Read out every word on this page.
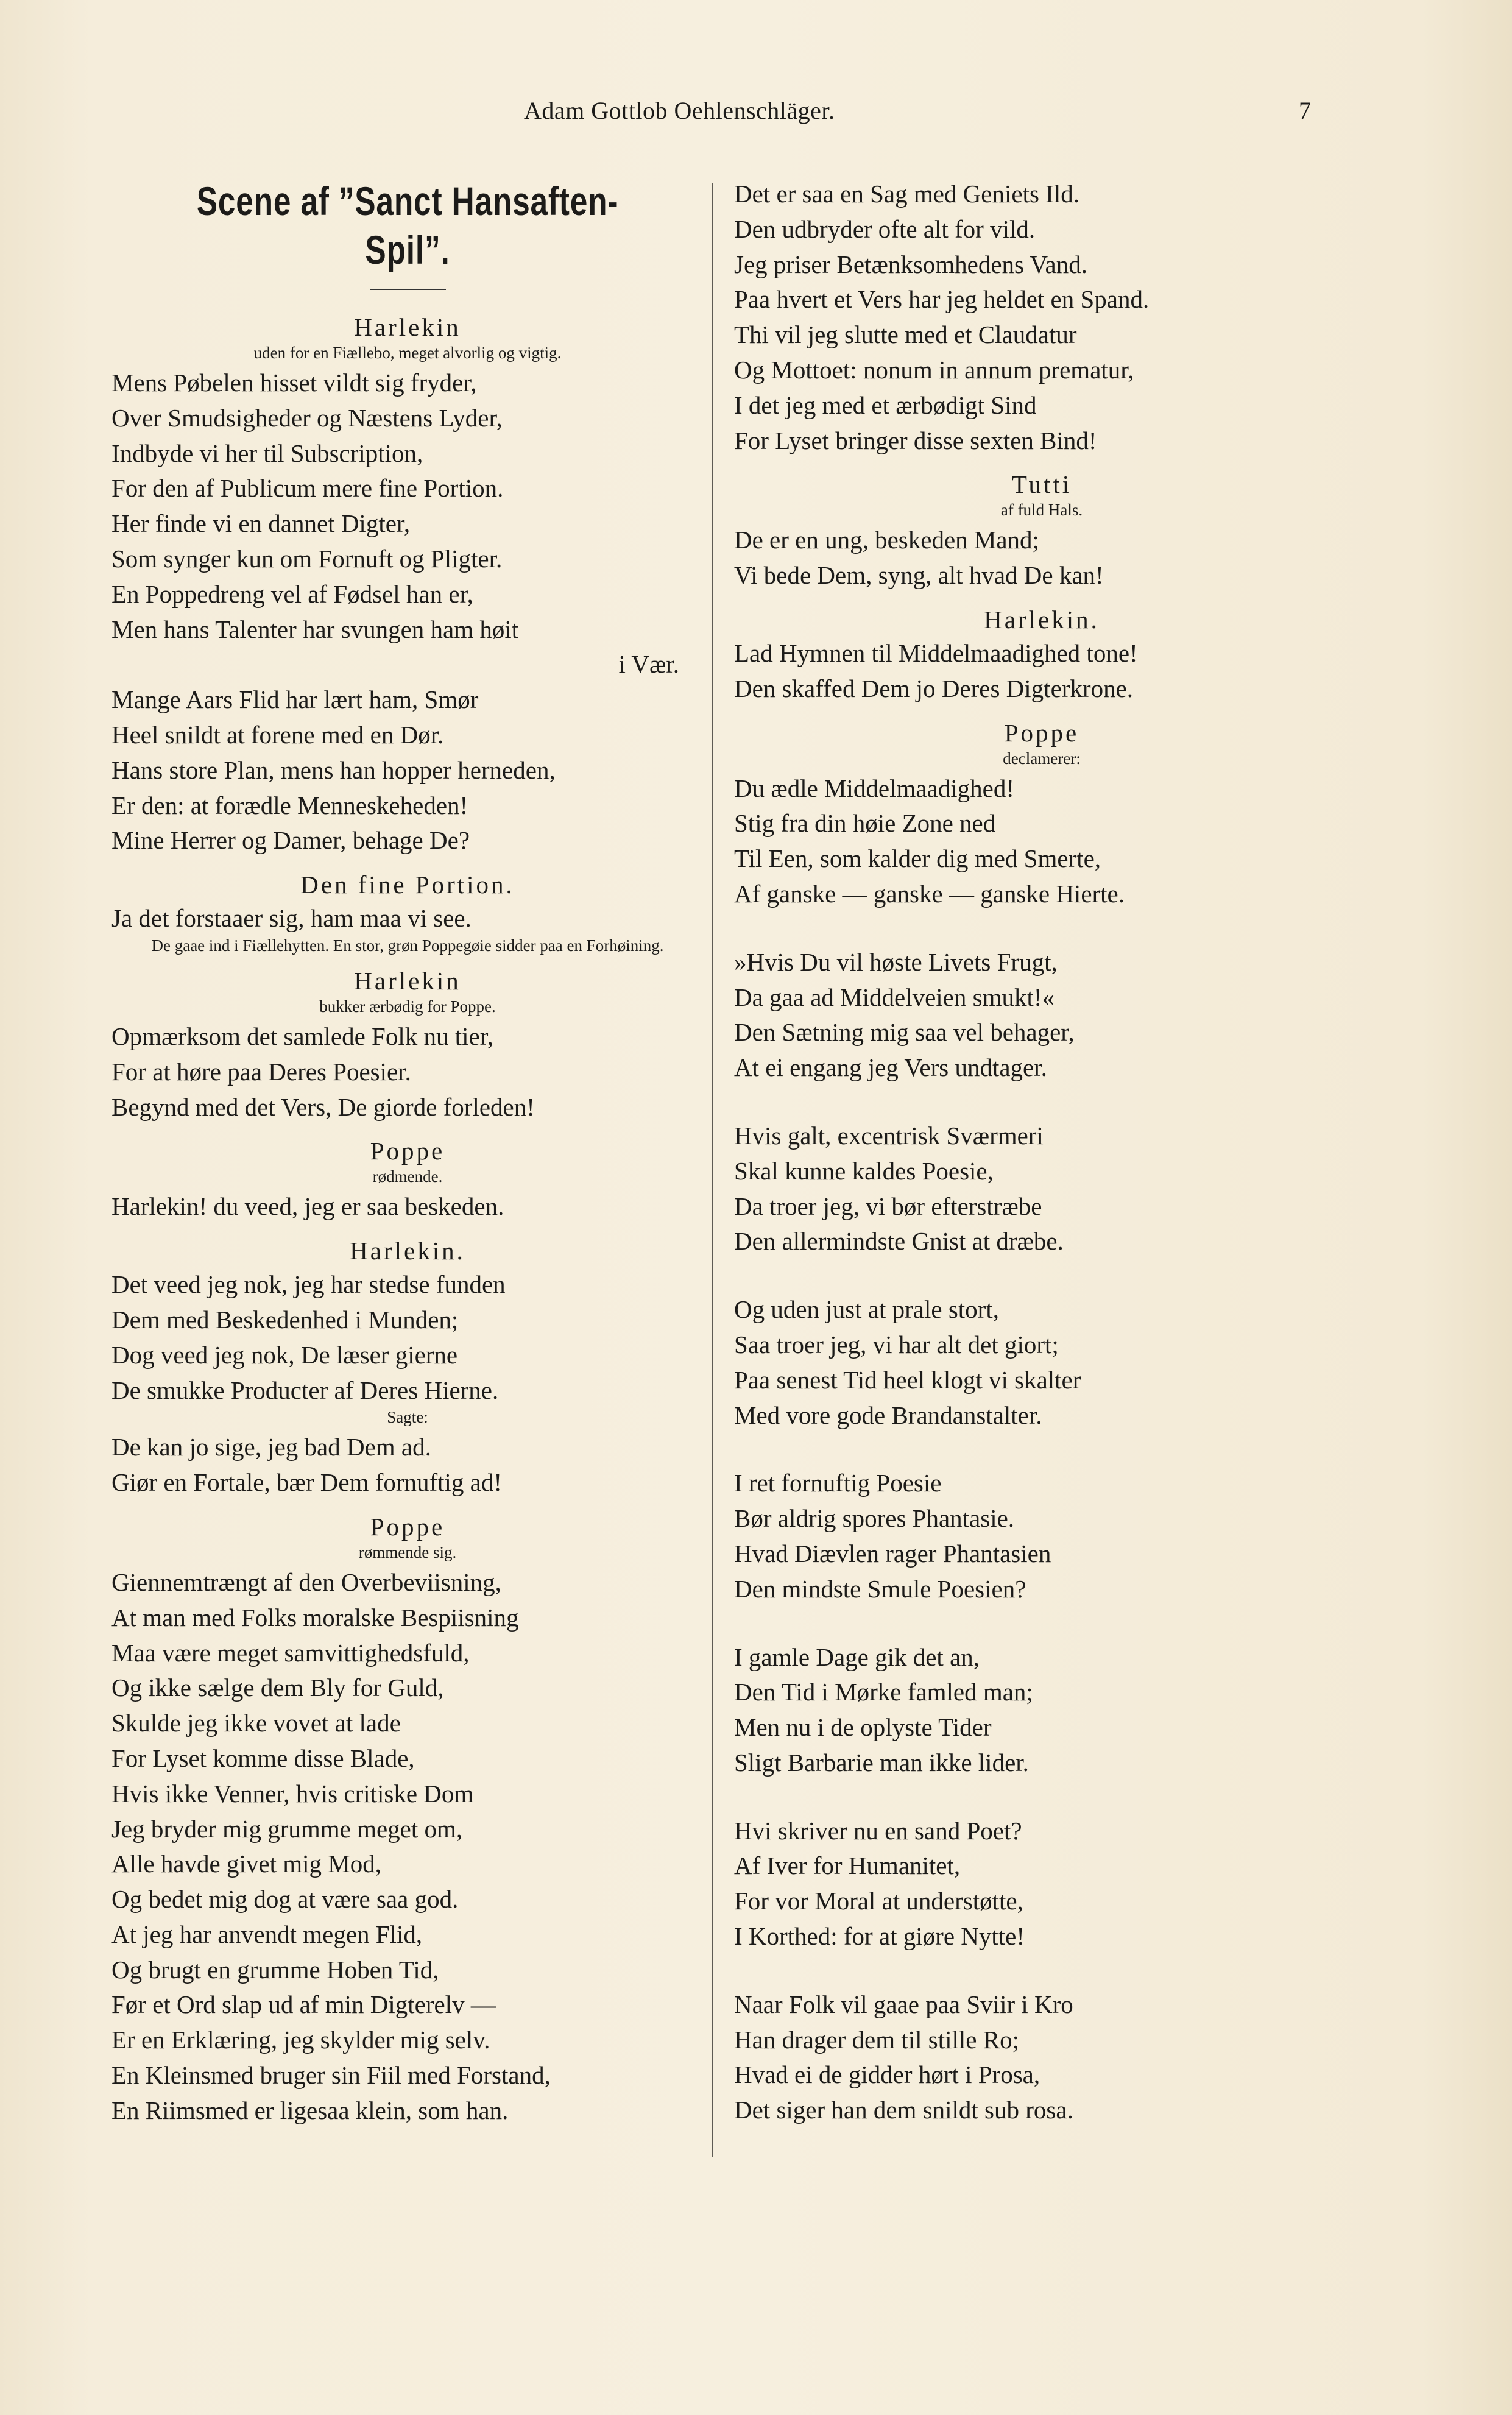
Adam Gottlob Oehlenschläger.	7
Scene af ”Sanct Hansaften-Spil”.
Harlekin
uden for en Fiællebo, meget alvorlig og vigtig.
Mens Pøbelen hisset vildt sig fryder,
Over Smudsigheder og Næstens Lyder,
Indbyde vi her til Subscription,
For den af Publicum mere fine Portion.
Her finde vi en dannet Digter,
Som synger kun om Fornuft og Pligter.
En Poppedreng vel af Fødsel han er,
Men hans Talenter har svungen ham høit
i Vær.
Mange Aars Flid har lært ham, Smør
Heel snildt at forene med en Dør.
Hans store Plan, mens han hopper herneden,
Er den: at forædle Menneskeheden!
Mine Herrer og Damer, behage De?
Den fine Portion.
Ja det forstaaer sig, ham maa vi see.
De gaae ind i Fiællehytten. En stor, grøn Poppegøie sidder paa en Forhøining.
Harlekin
bukker ærbødig for Poppe.
Opmærksom det samlede Folk nu tier,
For at høre paa Deres Poesier.
Begynd med det Vers, De giorde forleden!
Poppe
rødmende.
Harlekin! du veed, jeg er saa beskeden.
Harlekin.
Det veed jeg nok, jeg har stedse funden
Dem med Beskedenhed i Munden;
Dog veed jeg nok, De læser gierne
De smukke Producter af Deres Hierne.
Sagte:
De kan jo sige, jeg bad Dem ad.
Giør en Fortale, bær Dem fornuftig ad!
Poppe
rømmende sig.
Giennemtrængt af den Overbeviisning,
At man med Folks moralske Bespiisning
Maa være meget samvittighedsfuld,
Og ikke sælge dem Bly for Guld,
Skulde jeg ikke vovet at lade
For Lyset komme disse Blade,
Hvis ikke Venner, hvis critiske Dom
Jeg bryder mig grumme meget om,
Alle havde givet mig Mod,
Og bedet mig dog at være saa god.
At jeg har anvendt megen Flid,
Og brugt en grumme Hoben Tid,
Før et Ord slap ud af min Digterelv —
Er en Erklæring, jeg skylder mig selv.
En Kleinsmed bruger sin Fiil med Forstand,
En Riimsmed er ligesaa klein, som han.
Det er saa en Sag med Geniets Ild.
Den udbryder ofte alt for vild.
Jeg priser Betænksomhedens Vand.
Paa hvert et Vers har jeg heldet en Spand.
Thi vil jeg slutte med et Claudatur
Og Mottoet: nonum in annum prematur,
I det jeg med et ærbødigt Sind
For Lyset bringer disse sexten Bind!
Tutti
af fuld Hals.
De er en ung, beskeden Mand;
Vi bede Dem, syng, alt hvad De kan!
Harlekin.
Lad Hymnen til Middelmaadighed tone!
Den skaffed Dem jo Deres Digterkrone.
Poppe
declamerer:
Du ædle Middelmaadighed!
Stig fra din høie Zone ned
Til Een, som kalder dig med Smerte,
Af ganske — ganske — ganske Hierte.
»Hvis Du vil høste Livets Frugt,
Da gaa ad Middelveien smukt!«
Den Sætning mig saa vel behager,
At ei engang jeg Vers undtager.
Hvis galt, excentrisk Sværmeri
Skal kunne kaldes Poesie,
Da troer jeg, vi bør efterstræbe
Den allermindste Gnist at dræbe.
Og uden just at prale stort,
Saa troer jeg, vi har alt det giort;
Paa senest Tid heel klogt vi skalter
Med vore gode Brandanstalter.
I ret fornuftig Poesie
Bør aldrig spores Phantasie.
Hvad Diævlen rager Phantasien
Den mindste Smule Poesien?
I gamle Dage gik det an,
Den Tid i Mørke famled man;
Men nu i de oplyste Tider
Sligt Barbarie man ikke lider.
Hvi skriver nu en sand Poet?
Af Iver for Humanitet,
For vor Moral at understøtte,
I Korthed: for at giøre Nytte!
Naar Folk vil gaae paa Sviir i Kro
Han drager dem til stille Ro;
Hvad ei de gidder hørt i Prosa,
Det siger han dem snildt sub rosa.
